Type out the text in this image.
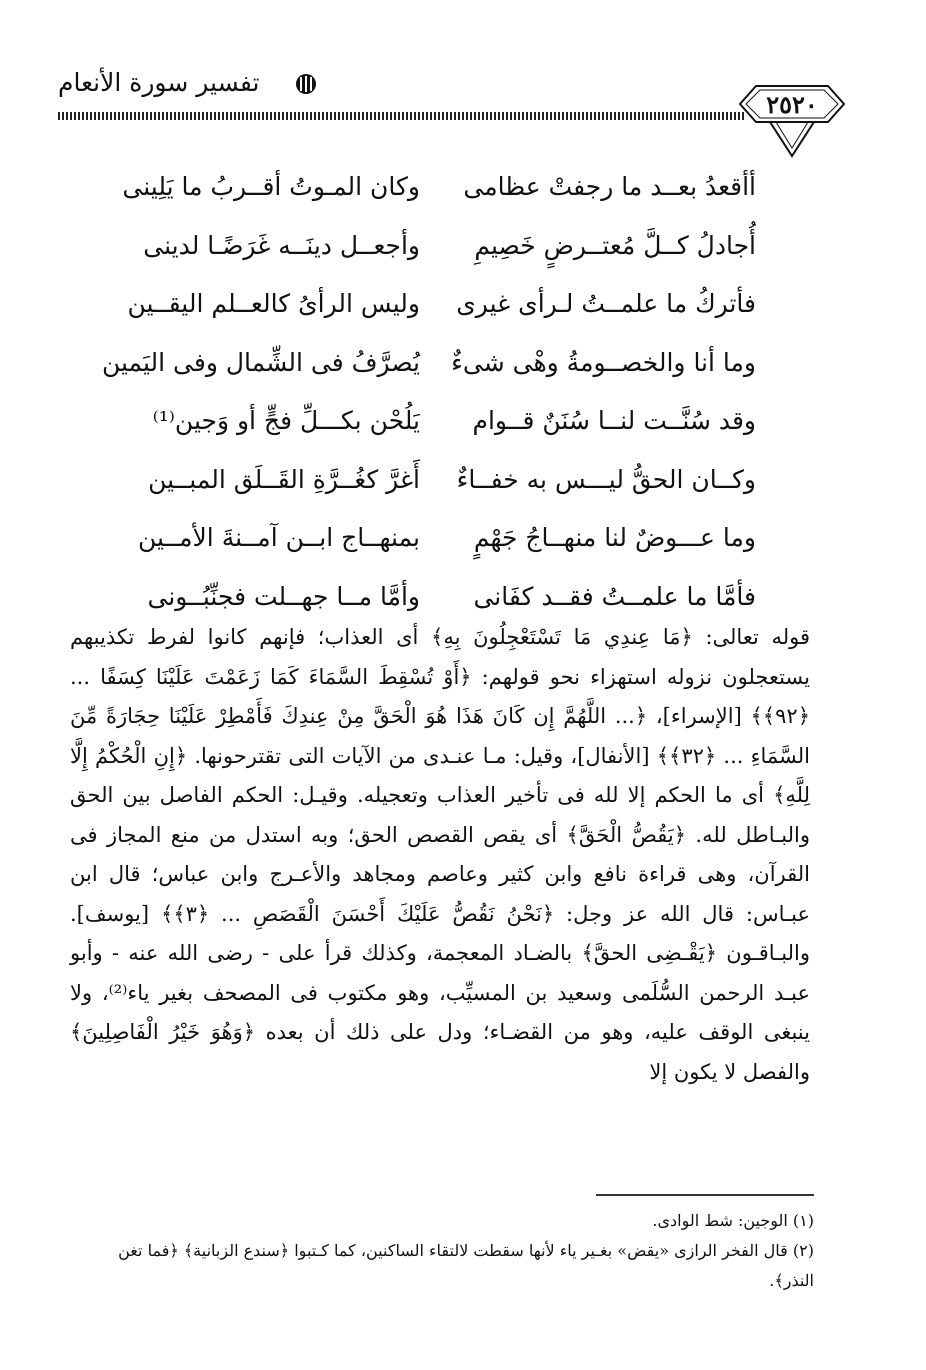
تفسير سورة الأنعام
٢٥٢٠
أأقعدُ بعــد ما رجفتْ عظامى
وكان المـوتُ أقــربُ ما يَلِينى
أُجادلُ كــلَّ مُعتــرضٍ خَصِيمِ
وأجعــل دينَــه غَرَضًـا لدينى
فأتركُ ما علمــتُ لـرأى غيرى
وليس الرأىُ كالعــلم اليقــين
وما أنا والخصــومةُ وهْى شىءٌ
يُصرَّفُ فى الشِّمال وفى اليَمين
وقد سُنَّــت لنــا سُنَنٌ قــوام
يَلُحْن بكـــلِّ فجٍّ أو وَجين⁽¹⁾
وكــان الحقُّ ليـــس به خفــاءٌ
أَغرَّ كغُــرَّةِ القَــلَق المبــين
وما عـــوضٌ لنا منهــاجُ جَهْمٍ
بمنهــاج ابــن آمــنةَ الأمــين
فأمَّا ما علمــتُ فقــد كفَانى
وأمَّا مــا جهــلت فجنِّبُــونى

قوله تعالى: ﴿مَا عِندِي مَا تَسْتَعْجِلُونَ بِهِ﴾ أى العذاب؛ فإنهم كانوا لفرط تكذيبهم يستعجلون نزوله استهزاء نحو قولهم: ﴿أَوْ تُسْقِطَ السَّمَاءَ كَمَا زَعَمْتَ عَلَيْنَا كِسَفًا ... ﴿٩٢﴾﴾ [الإسراء]، ﴿... اللَّهُمَّ إِن كَانَ هَذَا هُوَ الْحَقَّ مِنْ عِندِكَ فَأَمْطِرْ عَلَيْنَا حِجَارَةً مِّنَ السَّمَاءِ ... ﴿٣٢﴾﴾ [الأنفال]، وقيل: مـا عنـدى من الآيات التى تقترحونها. ﴿إِنِ الْحُكْمُ إِلَّا لِلَّهِ﴾ أى ما الحكم إلا لله فى تأخير العذاب وتعجيله. وقيـل: الحكم الفاصل بين الحق والبـاطل لله. ﴿يَقُصُّ الْحَقَّ﴾ أى يقص القصص الحق؛ وبه استدل من منع المجاز فى القرآن، وهى قراءة نافع وابن كثير وعاصم ومجاهد والأعـرج وابن عباس؛ قال ابن عبـاس: قال الله عز وجل: ﴿نَحْنُ نَقُصُّ عَلَيْكَ أَحْسَنَ الْقَصَصِ ... ﴿٣﴾﴾ [يوسف]. والبـاقـون ﴿يَقْـضِى الحقَّ﴾ بالضـاد المعجمة، وكذلك قرأ على - رضى الله عنه - وأبو عبـد الرحمن السُّلَمى وسعيد بن المسيِّب، وهو مكتوب فى المصحف بغير ياء⁽²⁾، ولا ينبغى الوقف عليه، وهو من القضـاء؛ ودل على ذلك أن بعده ﴿وَهُوَ خَيْرُ الْفَاصِلِينَ﴾ والفصل لا يكون إلا

(١) الوجين: شط الوادى.
(٢) قال الفخر الرازى «يقض» بغـير ياء لأنها سقطت لالتقاء الساكنين، كما كـتبوا ﴿سندع الزبانية﴾ ﴿فما تغن النذر﴾.
